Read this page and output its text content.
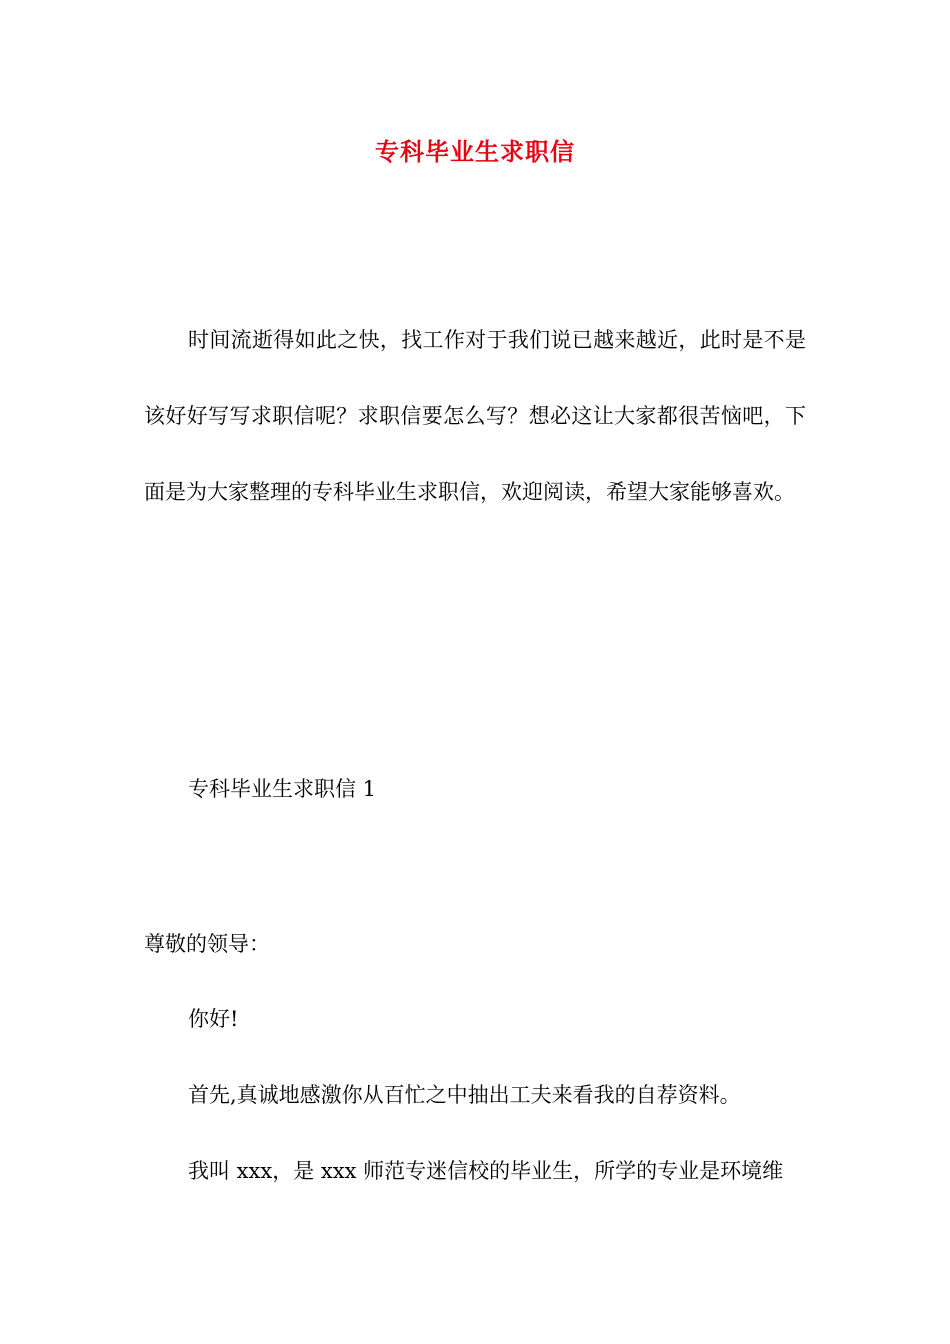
专科毕业生求职信

时间流逝得如此之快，找工作对于我们说已越来越近，此时是不是该好好写写求职信呢？求职信要怎么写？想必这让大家都很苦恼吧，下面是为大家整理的专科毕业生求职信，欢迎阅读，希望大家能够喜欢。

专科毕业生求职信 1

尊敬的领导：

你好!

首先,真诚地感激你从百忙之中抽出工夫来看我的自荐资料。

我叫 xxx，是 xxx 师范专迷信校的毕业生，所学的专业是环境维
